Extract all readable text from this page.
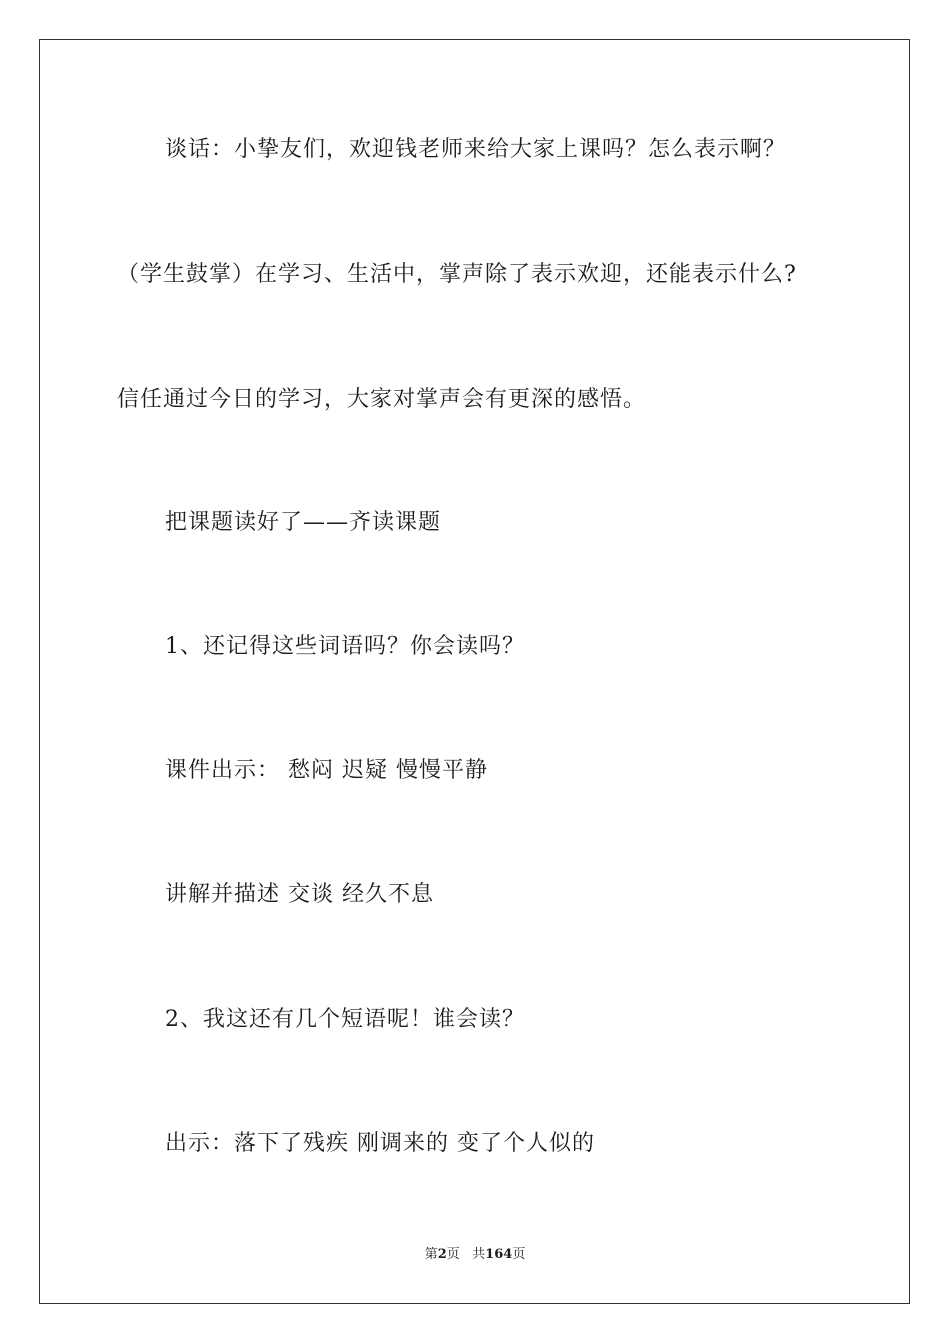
谈话：小挚友们，欢迎钱老师来给大家上课吗？怎么表示啊？
（学生鼓掌）在学习、生活中，掌声除了表示欢迎，还能表示什么?
信任通过今日的学习，大家对掌声会有更深的感悟。
把课题读好了——齐读课题
1、还记得这些词语吗？你会读吗？
课件出示： 愁闷 迟疑 慢慢平静
讲解并描述 交谈 经久不息
2、我这还有几个短语呢！谁会读？
出示：落下了残疾 刚调来的 变了个人似的
第2页 共164页
